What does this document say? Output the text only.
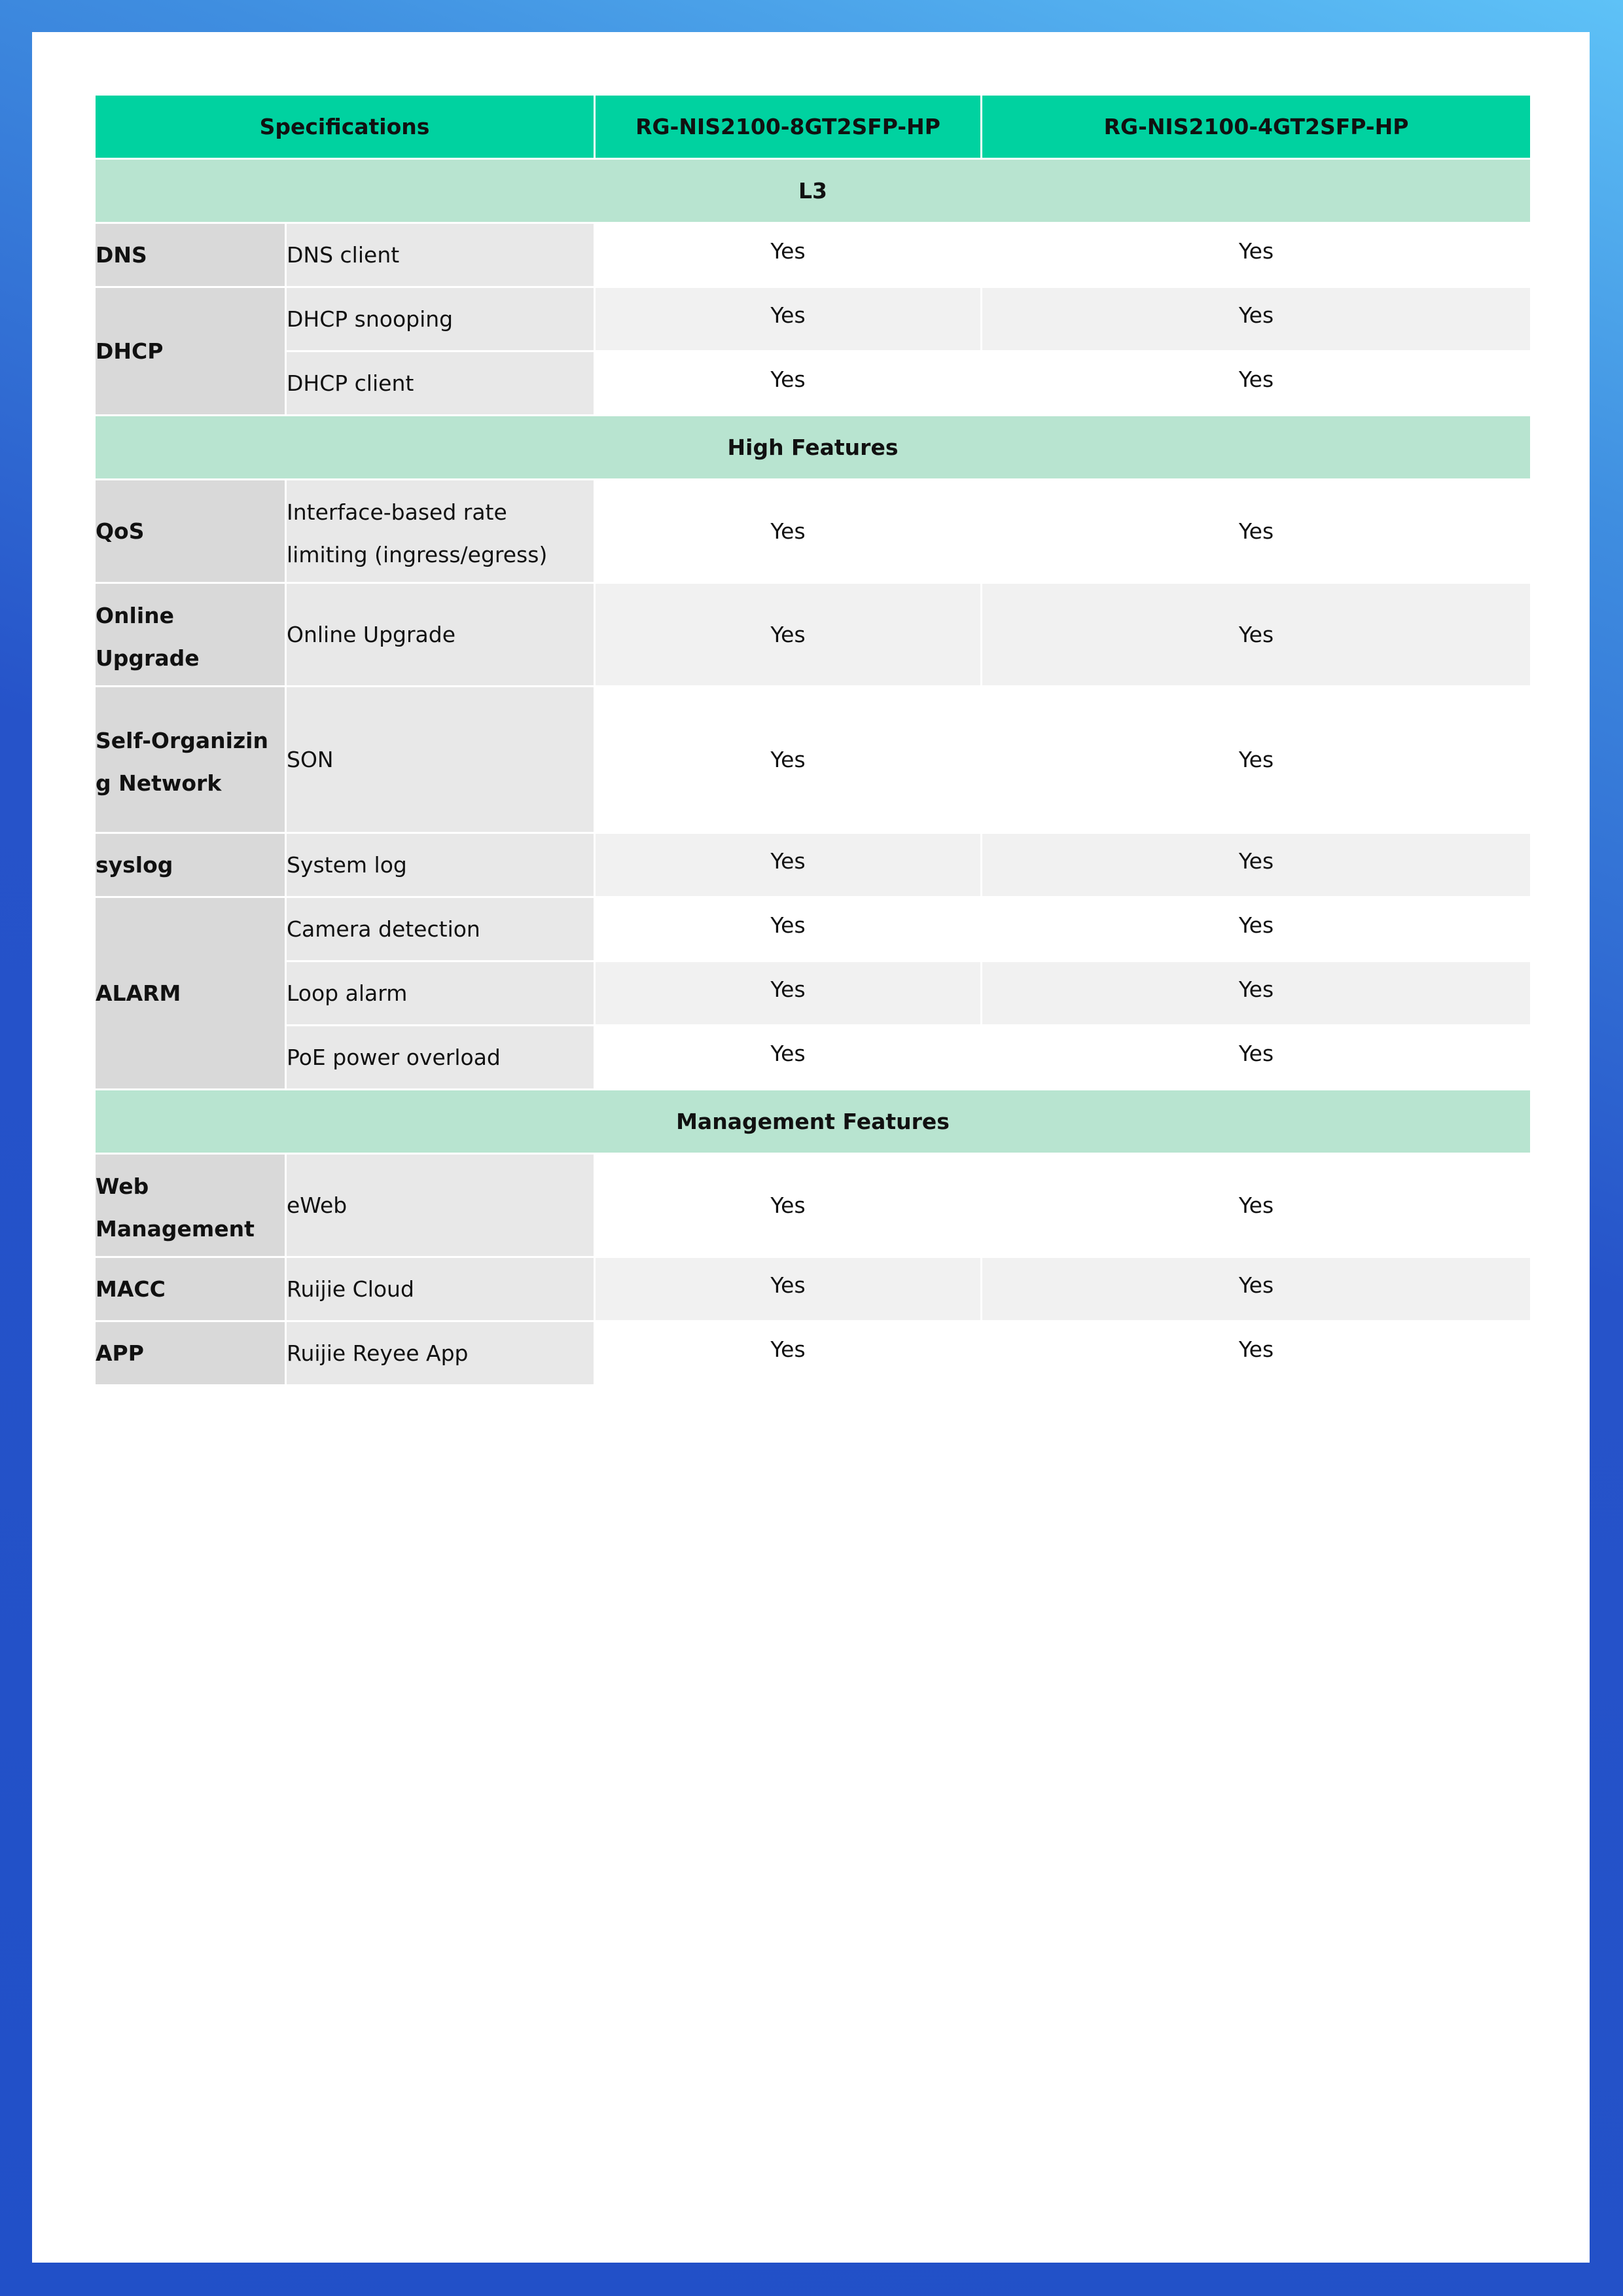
Specifications		RG-NIS2100-8GT2SFP-HP	RG-NIS2100-4GT2SFP-HP
L3			
DNS	DNS client	Yes	Yes
DHCP	DHCP snooping	Yes	Yes
	DHCP client	Yes	Yes
High Features			
QoS	Interface-based rate limiting (ingress/egress)	Yes	Yes
Online Upgrade	Online Upgrade	Yes	Yes
Self-Organizing Network	SON	Yes	Yes
syslog	System log	Yes	Yes
ALARM	Camera detection	Yes	Yes
	Loop alarm	Yes	Yes
	PoE power overload	Yes	Yes
Management Features			
Web Management	eWeb	Yes	Yes
MACC	Ruijie Cloud	Yes	Yes
APP	Ruijie Reyee App	Yes	Yes
